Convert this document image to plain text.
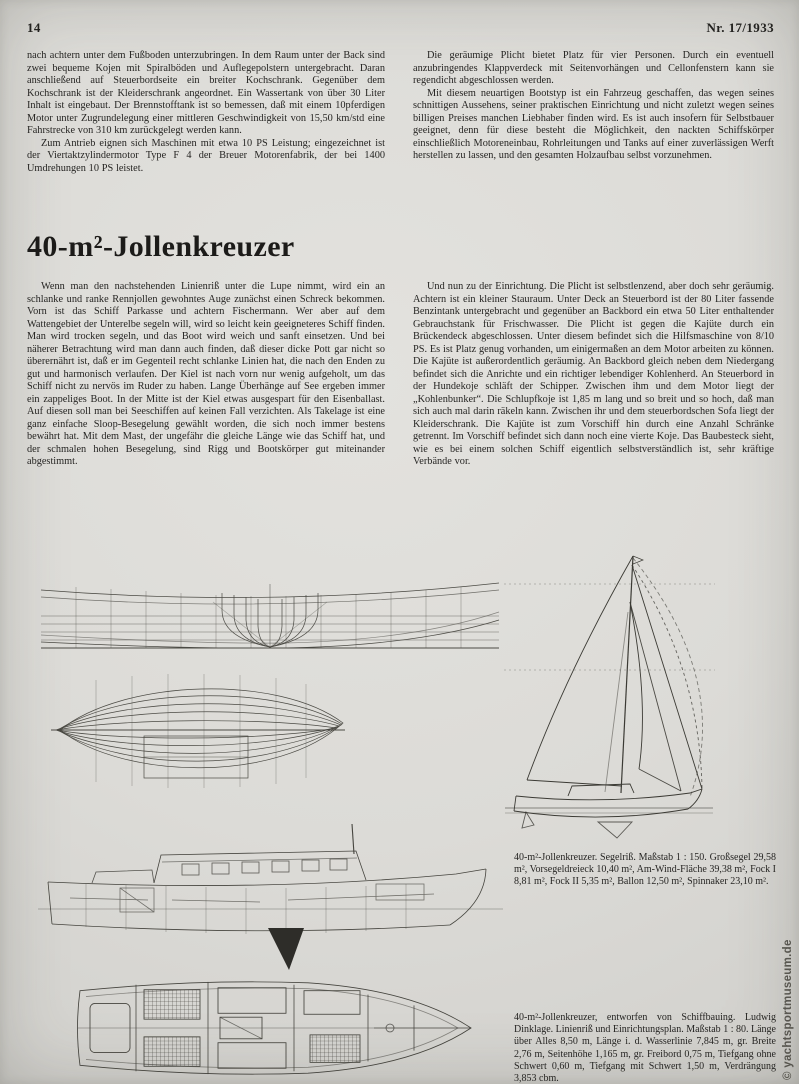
14	Nr. 17/1933

nach achtern unter dem Fußboden unterzubringen. In dem Raum unter der Back sind zwei bequeme Kojen mit Spiralböden und Auflegepolstern untergebracht. Daran anschließend auf Steuerbordseite ein breiter Kochschrank. Gegenüber dem Kochschrank ist der Kleiderschrank angeordnet. Ein Wassertank von über 30 Liter Inhalt ist eingebaut. Der Brennstofftank ist so bemessen, daß mit einem 10pferdigen Motor unter Zugrundelegung einer mittleren Geschwindigkeit von 15,50 km/std eine Fahrstrecke von 310 km zurückgelegt werden kann.

Zum Antrieb eignen sich Maschinen mit etwa 10 PS Leistung; eingezeichnet ist der Viertaktzylindermotor Type F 4 der Breuer Motorenfabrik, der bei 1400 Umdrehungen 10 PS leistet.

40-m²-Jollenkreuzer

Wenn man den nachstehenden Linienriß unter die Lupe nimmt, wird ein an schlanke und ranke Rennjollen gewohntes Auge zunächst einen Schreck bekommen. Vorn ist das Schiff Parkasse und achtern Fischermann. Wer aber auf dem Wattengebiet der Unterelbe segeln will, wird so leicht kein geeigneteres Schiff finden. Man wird trocken segeln, und das Boot wird weich und sanft einsetzen. Und bei näherer Betrachtung wird man dann auch finden, daß dieser dicke Pott gar nicht so überernährt ist, daß er im Gegenteil recht schlanke Linien hat, die nach den Enden zu gut und harmonisch verlaufen. Der Kiel ist nach vorn nur wenig aufgeholt, um das Schiff nicht zu nervös im Ruder zu haben. Lange Überhänge auf See ergeben immer ein zappeliges Boot. In der Mitte ist der Kiel etwas ausgespart für den Eisenballast. Auf diesen soll man bei Seeschiffen auf keinen Fall verzichten. Als Takelage ist eine ganz einfache Sloop-Besegelung gewählt worden, die sich noch immer bestens bewährt hat. Mit dem Mast, der ungefähr die gleiche Länge wie das Schiff hat, und der schmalen hohen Besegelung, sind Rigg und Bootskörper gut miteinander abgestimmt.

Die geräumige Plicht bietet Platz für vier Personen. Durch ein eventuell anzubringendes Klappverdeck mit Seitenvorhängen und Cellonfenstern kann sie regendicht abgeschlossen werden.

Mit diesem neuartigen Bootstyp ist ein Fahrzeug geschaffen, das wegen seines schnittigen Aussehens, seiner praktischen Einrichtung und nicht zuletzt wegen seines billigen Preises manchen Liebhaber finden wird. Es ist auch insofern für Selbstbauer geeignet, denn für diese besteht die Möglichkeit, den nackten Schiffskörper einschließlich Motoreneinbau, Rohrleitungen und Tanks auf einer zuverlässigen Werft herstellen zu lassen, und den gesamten Holzaufbau selbst vorzunehmen.

Und nun zu der Einrichtung. Die Plicht ist selbstlenzend, aber doch sehr geräumig. Achtern ist ein kleiner Stauraum. Unter Deck an Steuerbord ist der 80 Liter fassende Benzintank untergebracht und gegenüber an Backbord ein etwa 50 Liter enthaltender Gebrauchstank für Frischwasser. Die Plicht ist gegen die Kajüte durch ein Brückendeck abgeschlossen. Unter diesem befindet sich die Hilfsmaschine von 8/10 PS. Es ist Platz genug vorhanden, um einigermaßen an dem Motor arbeiten zu können. Die Kajüte ist außerordentlich geräumig. An Backbord gleich neben dem Niedergang befindet sich die Anrichte und ein richtiger lebendiger Kohlenherd. An Steuerbord in der Hundekoje schläft der Schipper. Zwischen ihm und dem Motor liegt der „Kohlenbunker“. Die Schlupfkoje ist 1,85 m lang und so breit und so hoch, daß man sich auch mal darin räkeln kann. Zwischen ihr und dem steuerbordschen Sofa liegt der Kleiderschrank. Die Kajüte ist zum Vorschiff hin durch eine Anzahl Schränke getrennt. Im Vorschiff befindet sich dann noch eine vierte Koje. Das Baubesteck sieht, wie es bei einem solchen Schiff eigentlich selbstverständlich ist, sehr kräftige Verbände vor.

40-m²-Jollenkreuzer. Segelriß. Maßstab 1 : 150. Großsegel 29,58 m², Vorsegeldreieck 10,40 m², Am-Wind-Fläche 39,38 m², Fock I 8,81 m², Fock II 5,35 m², Ballon 12,50 m², Spinnaker 23,10 m².

40-m²-Jollenkreuzer, entworfen von Schiffbauing. Ludwig Dinklage. Linienriß und Einrichtungsplan. Maßstab 1 : 80. Länge über Alles 8,50 m, Länge i. d. Wasserlinie 7,845 m, gr. Breite 2,76 m, Seitenhöhe 1,165 m, gr. Freibord 0,75 m, Tiefgang ohne Schwert 0,60 m, Tiefgang mit Schwert 1,50 m, Verdrängung 3,853 cbm.	© yachtsportmuseum.de
